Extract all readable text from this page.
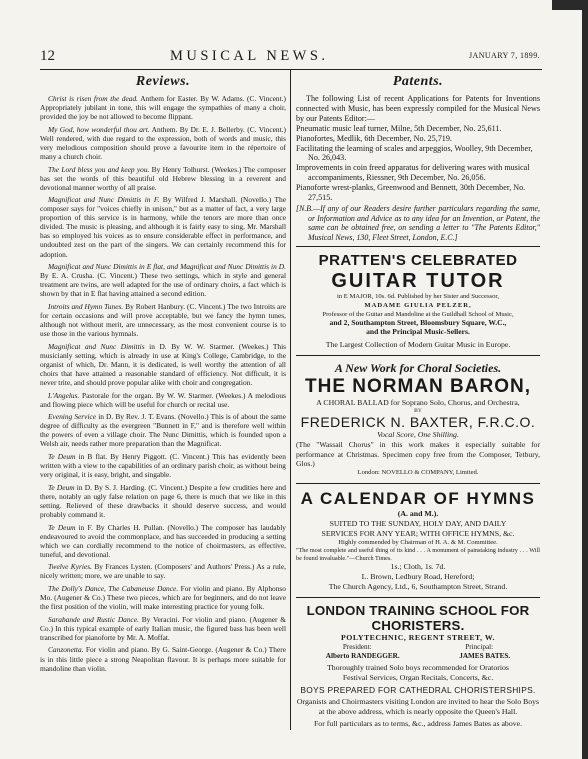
12	MUSICAL NEWS.	JANUARY 7, 1899.
Reviews.

Christ is risen from the dead. Anthem for Easter. By W. Adams. (C. Vincent.) Appropriately jubilant in tone, this will engage the sympathies of many a choir, provided the joy be not allowed to become flippant.

My God, how wonderful thou art. Anthem. By Dr. E. J. Bellerby. (C. Vincent.) Well rendered, with due regard to the expression, both of words and music, this very melodious composition should prove a favourite item in the répertoire of many a church choir.

The Lord bless you and keep you. By Henry Tolhurst. (Weekes.) The composer has set the words of this beautiful old Hebrew blessing in a reverent and devotional manner worthy of all praise.

Magnificat and Nunc Dimittis in F. By Wilfred J. Marshall. (Novello.) The composer says for "voices chiefly in unison," but as a matter of fact, a very large proportion of this service is in harmony, while the tenors are more than once divided. The music is pleasing, and although it is fairly easy to sing, Mr. Marshall has so employed his voices as to ensure considerable effect in performance, and undoubted zest on the part of the singers. We can certainly recommend this for adoption.

Magnificat and Nunc Dimittis in E flat, and Magnificat and Nunc Dimittis in D. By E. A. Crusha. (C. Vincent.) These two settings, which in style and general treatment are twins, are well adapted for the use of ordinary choirs, a fact which is shown by that in E flat having attained a second edition.

Introits and Hymn Tunes. By Robert Hanbury. (C. Vincent.) The two Introits are for certain occasions and will prove acceptable, but we fancy the hymn tunes, although not without merit, are unnecessary, as the most convenient course is to use those in the various hymnals.

Magnificat and Nunc Dimittis in D. By W. W. Starmer. (Weekes.) This musicianly setting, which is already in use at King's College, Cambridge, to the organist of which, Dr. Mann, it is dedicated, is well worthy the attention of all choirs that have attained a reasonable standard of efficiency. Not difficult, it is never trite, and should prove popular alike with choir and congregation.

L'Angelus. Pastorale for the organ. By W. W. Starmer. (Weekes.) A melodious and flowing piece which will be useful for church or recital use.

Evening Service in D. By Rev. J. T. Evans. (Novello.) This is of about the same degree of difficulty as the evergreen "Bunnett in F," and is therefore well within the powers of even a village choir. The Nunc Dimittis, which is founded upon a Welsh air, needs rather more preparation than the Magnificat.

Te Deum in B flat. By Henry Piggott. (C. Vincent.) This has evidently been written with a view to the capabilities of an ordinary parish choir, as without being very original, it is easy, bright, and singable.

Te Deum in D. By S. J. Harding. (C. Vincent.) Despite a few crudities here and there, notably an ugly false relation on page 6, there is much that we like in this setting. Relieved of these drawbacks it should deserve success, and would probably command it.

Te Deum in F. By Charles H. Pullan. (Novello.) The composer has laudably endeavoured to avoid the commonplace, and has succeeded in producing a setting which we can cordially recommend to the notice of choirmasters, as effective, tuneful, and devotional.

Twelve Kyries. By Frances Lysten. (Composers' and Authors' Press.) As a rule, nicely written; more, we are unable to say.

The Dolly's Dance, The Cabaneuse Dance. For violin and piano. By Alphonso Mo. (Augener & Co.) These two pieces, which are for beginners, and do not leave the first position of the violin, will make interesting practice for young folk.

Sarabande and Rustic Dance. By Veracini. For violin and piano. (Augener & Co.) In this typical example of early Italian music, the figured bass has been well transcribed for pianoforte by Mr. A. Moffat.

Canzonetta. For violin and piano. By G. Saint-George. (Augener & Co.) There is in this little piece a strong Neapolitan flavour. It is perhaps more suitable for mandoline than violin.

Patents.

The following List of recent Applications for Patents for Inventions connected with Music, has been expressly compiled for the Musical News by our Patents Editor:—

Pneumatic music leaf turner, Milne, 5th December, No. 25,611.
Pianofortes, Medlik, 6th December, No. 25,719.
Facilitating the learning of scales and arpeggios, Woolley, 9th December, No. 26,043.
Improvements in coin freed apparatus for delivering wares with musical accompaniments, Riessner, 9th December, No. 26,056.
Pianoforte wrest-planks, Greenwood and Bennett, 30th December, No. 27,515.

[N.B.—If any of our Readers desire further particulars regarding the same, or Information and Advice as to any idea for an Invention, or Patent, the same can be obtained free, on sending a letter to "The Patents Editor," Musical News, 130, Fleet Street, London, E.C.]

PRATTEN'S CELEBRATED
GUITAR TUTOR
in E MAJOR, 10s. 6d. Published by her Sister and Successor,
MADAME GIULIA PELZER,
Professor of the Guitar and Mandoline at the Guildhall School of Music,
and 2, Southampton Street, Bloomsbury Square, W.C.,
and the Principal Music-Sellers.
The Largest Collection of Modern Guitar Music in Europe.
A New Work for Choral Societies.
THE NORMAN BARON,
A CHORAL BALLAD for Soprano Solo, Chorus, and Orchestra,
BY
FREDERICK N. BAXTER, F.R.C.O.
Vocal Score, One Shilling.
(The "Wassail Chorus" in this work makes it especially suitable for performance at Christmas. Specimen copy free from the Composer, Tetbury, Glos.)
London: NOVELLO & COMPANY, Limited.
A CALENDAR OF HYMNS
(A. and M.).
SUITED TO THE SUNDAY, HOLY DAY, AND DAILY
SERVICES FOR ANY YEAR; WITH OFFICE HYMNS, &c.
Highly commended by Chairman of H. A. & M. Committee.
"The most complete and useful thing of its kind . . . A monument of painstaking industry . . . Will be found invaluable."—Church Times.
1s.; Cloth, 1s. 7d.
L. Brown, Ledbury Road, Hereford;
The Church Agency, Ltd., 6, Southampton Street, Strand.
LONDON TRAINING SCHOOL FOR CHORISTERS.
POLYTECHNIC, REGENT STREET, W.
President:	Principal:
Alberto RANDEGGER.	JAMES BATES.
Thoroughly trained Solo boys recommended for Oratorios
Festival Services, Organ Recitals, Concerts, &c.
BOYS PREPARED FOR CATHEDRAL CHORISTERSHIPS.
Organists and Choirmasters visiting London are invited to hear the Solo Boys at the above address, which is nearly opposite the Queen's Hall.
For full particulars as to terms, &c., address James Bates as above.
